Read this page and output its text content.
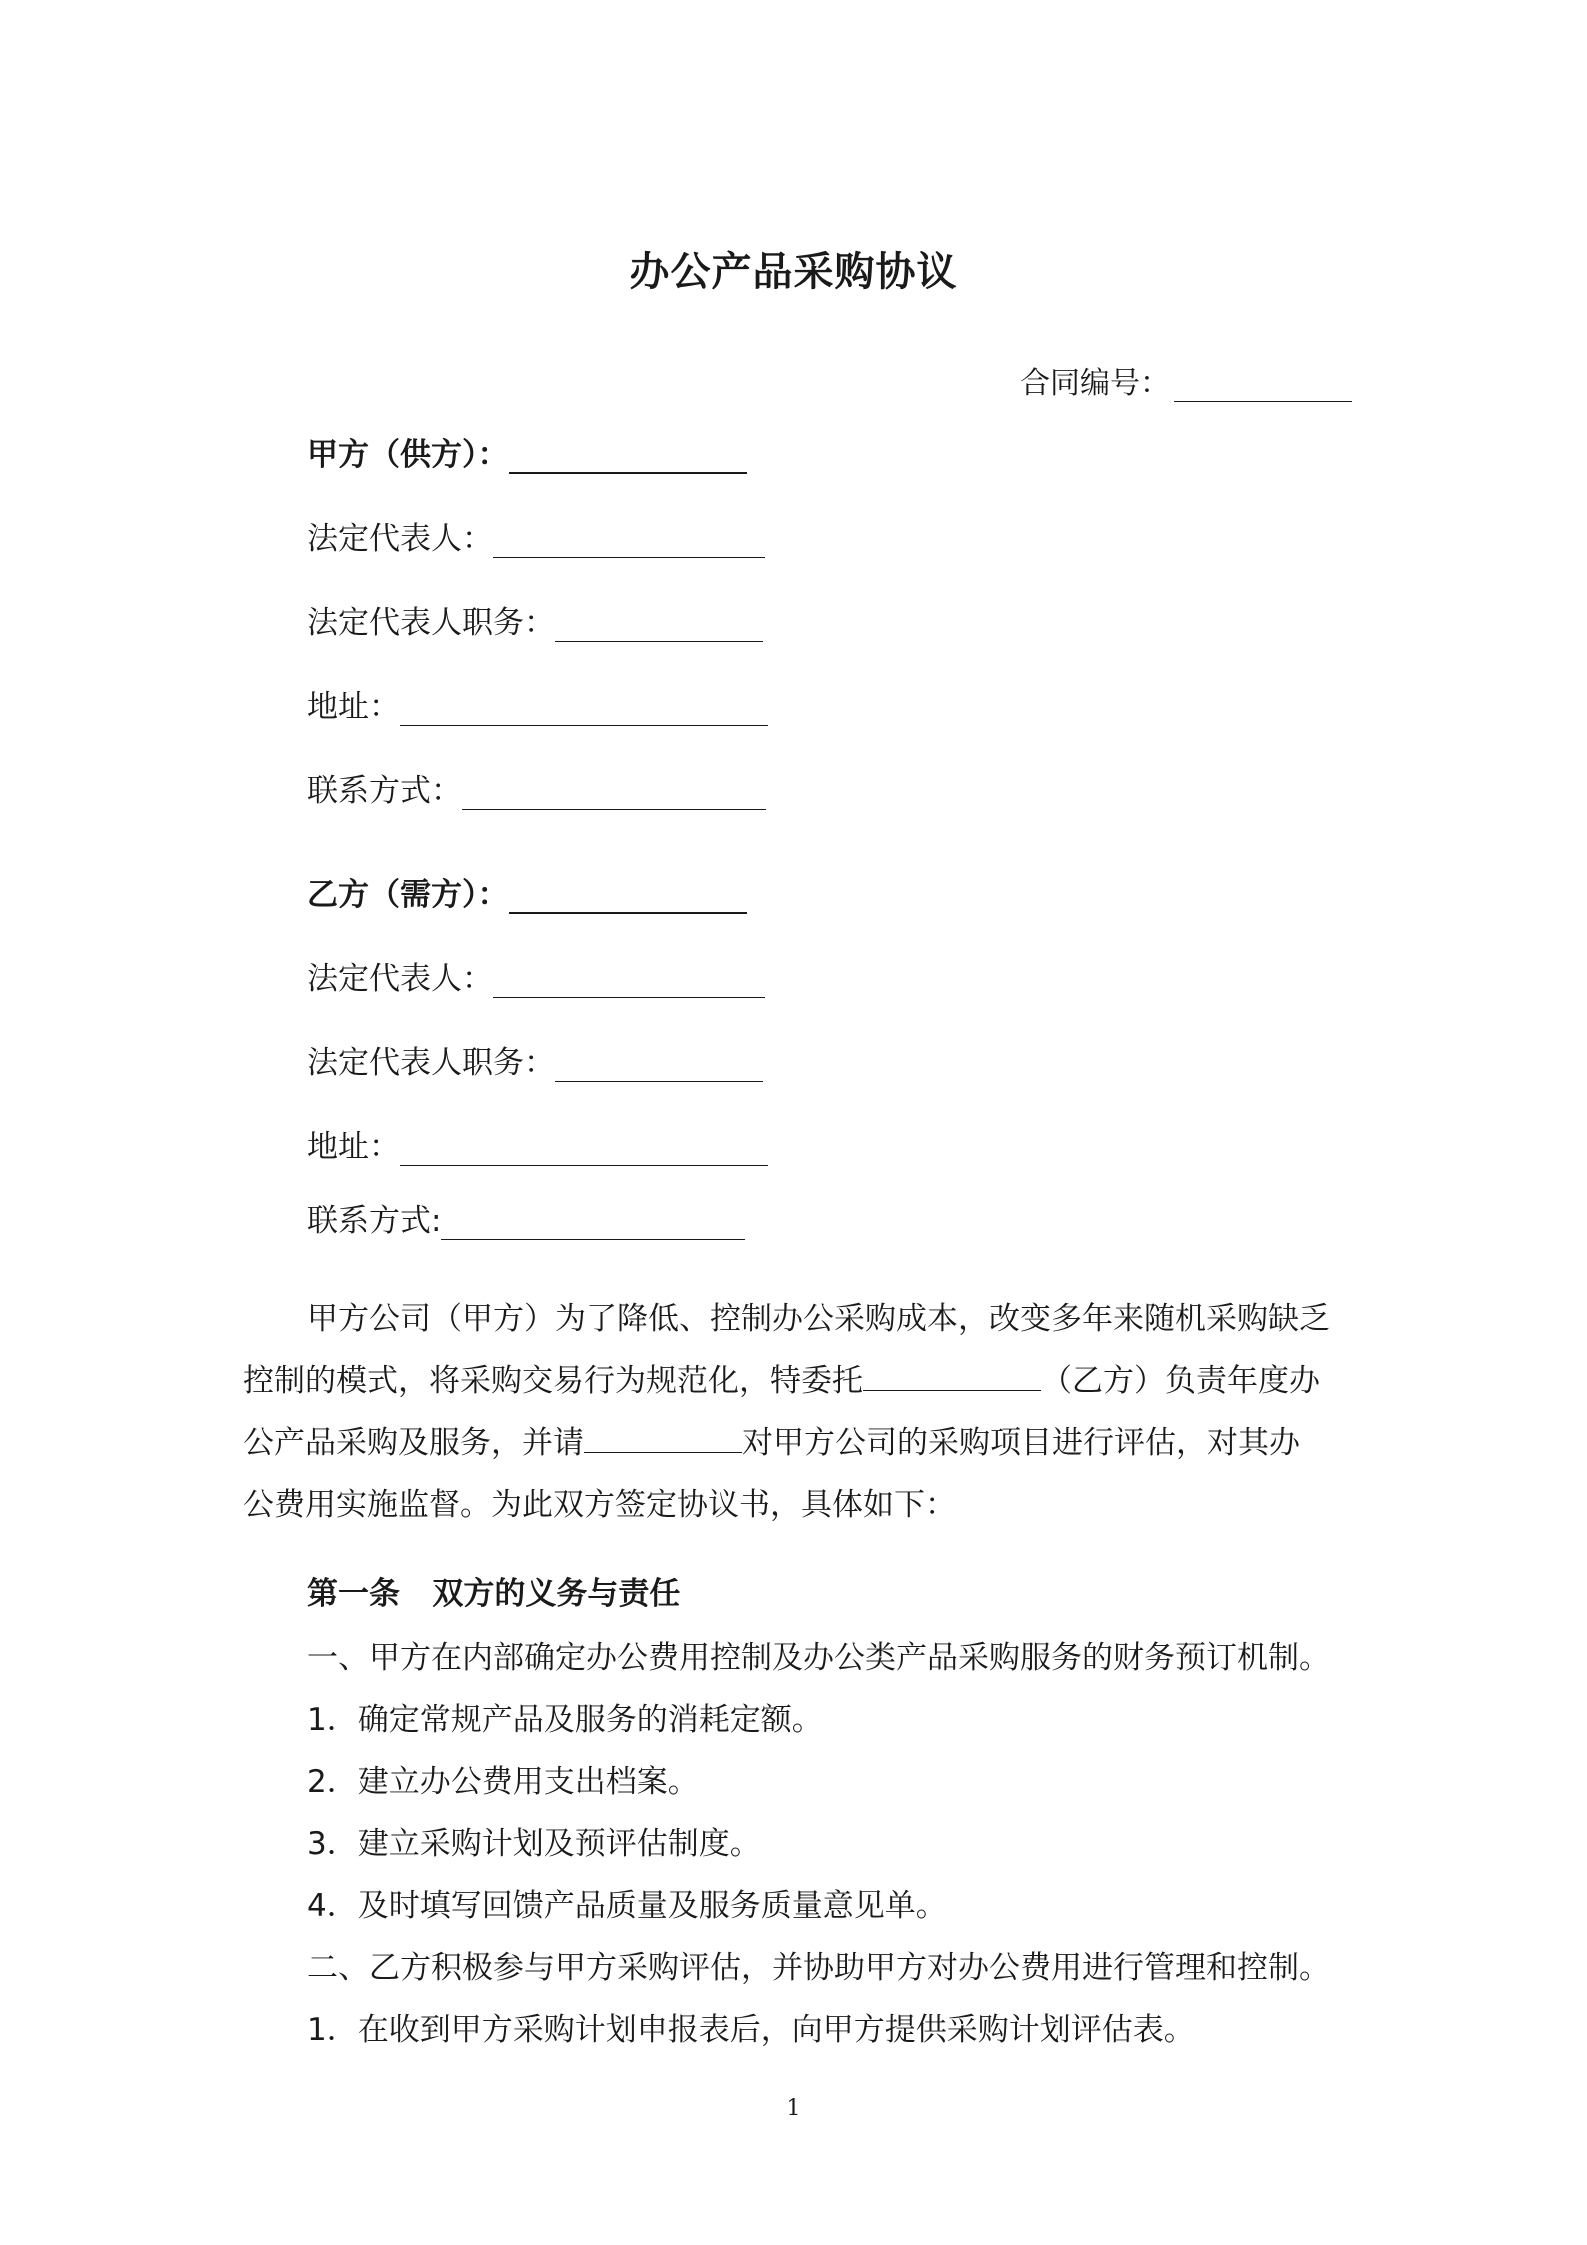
办公产品采购协议
合同编号：
甲方（供方）：
法定代表人：
法定代表人职务：
地址：
联系方式：
乙方（需方）：
法定代表人：
法定代表人职务：
地址：
联系方式:

甲方公司（甲方）为了降低、控制办公采购成本，改变多年来随机采购缺乏

控制的模式，将采购交易行为规范化，特委托	（乙方）负责年度办

公产品采购及服务，并请	对甲方公司的采购项目进行评估，对其办

公费用实施监督。为此双方签定协议书，具体如下：

第一条   双方的义务与责任
一、甲方在内部确定办公费用控制及办公类产品采购服务的财务预订机制。
1．确定常规产品及服务的消耗定额。
2．建立办公费用支出档案。
3．建立采购计划及预评估制度。
4．及时填写回馈产品质量及服务质量意见单。
二、乙方积极参与甲方采购评估，并协助甲方对办公费用进行管理和控制。
1．在收到甲方采购计划申报表后，向甲方提供采购计划评估表。
1
